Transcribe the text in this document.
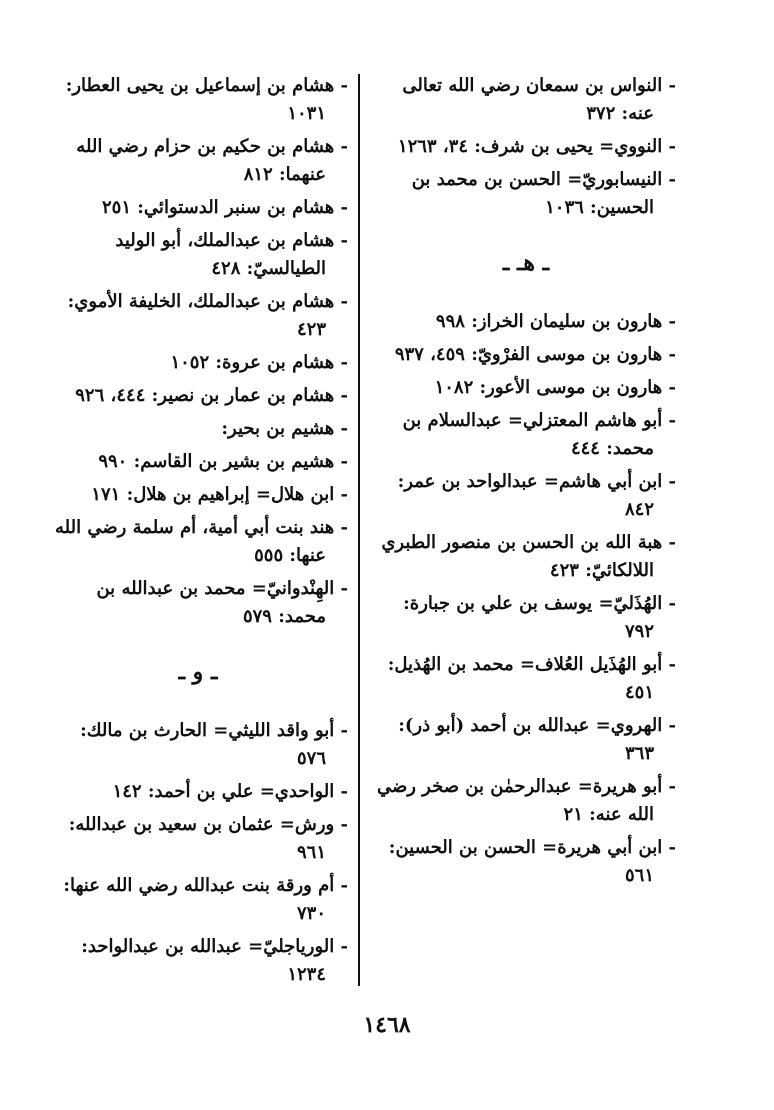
- النواس بن سمعان رضي الله تعالى عنه: ٣٧٢
- النووي= يحيى بن شرف: ٣٤، ١٢٦٣
- النيسابوريّ= الحسن بن محمد بن الحسين: ١٠٣٦
ـ هـ ـ
- هارون بن سليمان الخراز: ٩٩٨
- هارون بن موسى الفرْويّ: ٤٥٩، ٩٣٧
- هارون بن موسى الأعور: ١٠٨٢
- أبو هاشم المعتزلي= عبدالسلام بن محمد: ٤٤٤
- ابن أبي هاشم= عبدالواحد بن عمر: ٨٤٢
- هبة الله بن الحسن بن منصور الطبري اللالكائيّ: ٤٢٣
- الهُذَليّ= يوسف بن علي بن جبارة: ٧٩٢
- أبو الهُذَيل العُلاف= محمد بن الهُذيل: ٤٥١
- الهروي= عبدالله بن أحمد (أبو ذر): ٣٦٣
- أبو هريرة= عبدالرحمٰن بن صخر رضي الله عنه: ٢١
- ابن أبي هريرة= الحسن بن الحسين: ٥٦١
- هشام بن إسماعيل بن يحيى العطار: ١٠٣١
- هشام بن حكيم بن حزام رضي الله عنهما: ٨١٢
- هشام بن سنبر الدستوائي: ٢٥١
- هشام بن عبدالملك، أبو الوليد الطيالسيّ: ٤٢٨
- هشام بن عبدالملك، الخليفة الأموي: ٤٢٣
- هشام بن عروة: ١٠٥٢
- هشام بن عمار بن نصير: ٤٤٤، ٩٢٦
- هشيم بن بحير:
- هشيم بن بشير بن القاسم: ٩٩٠
- ابن هلال= إبراهيم بن هلال: ١٧١
- هند بنت أبي أمية، أم سلمة رضي الله عنها: ٥٥٥
- الهِنْدوانيّ= محمد بن عبدالله بن محمد: ٥٧٩
ـ و ـ
- أبو واقد الليثي= الحارث بن مالك: ٥٧٦
- الواحدي= علي بن أحمد: ١٤٢
- ورش= عثمان بن سعيد بن عبدالله: ٩٦١
- أم ورقة بنت عبدالله رضي الله عنها: ٧٣٠
- الورياجليّ= عبدالله بن عبدالواحد: ١٢٣٤
١٤٦٨
